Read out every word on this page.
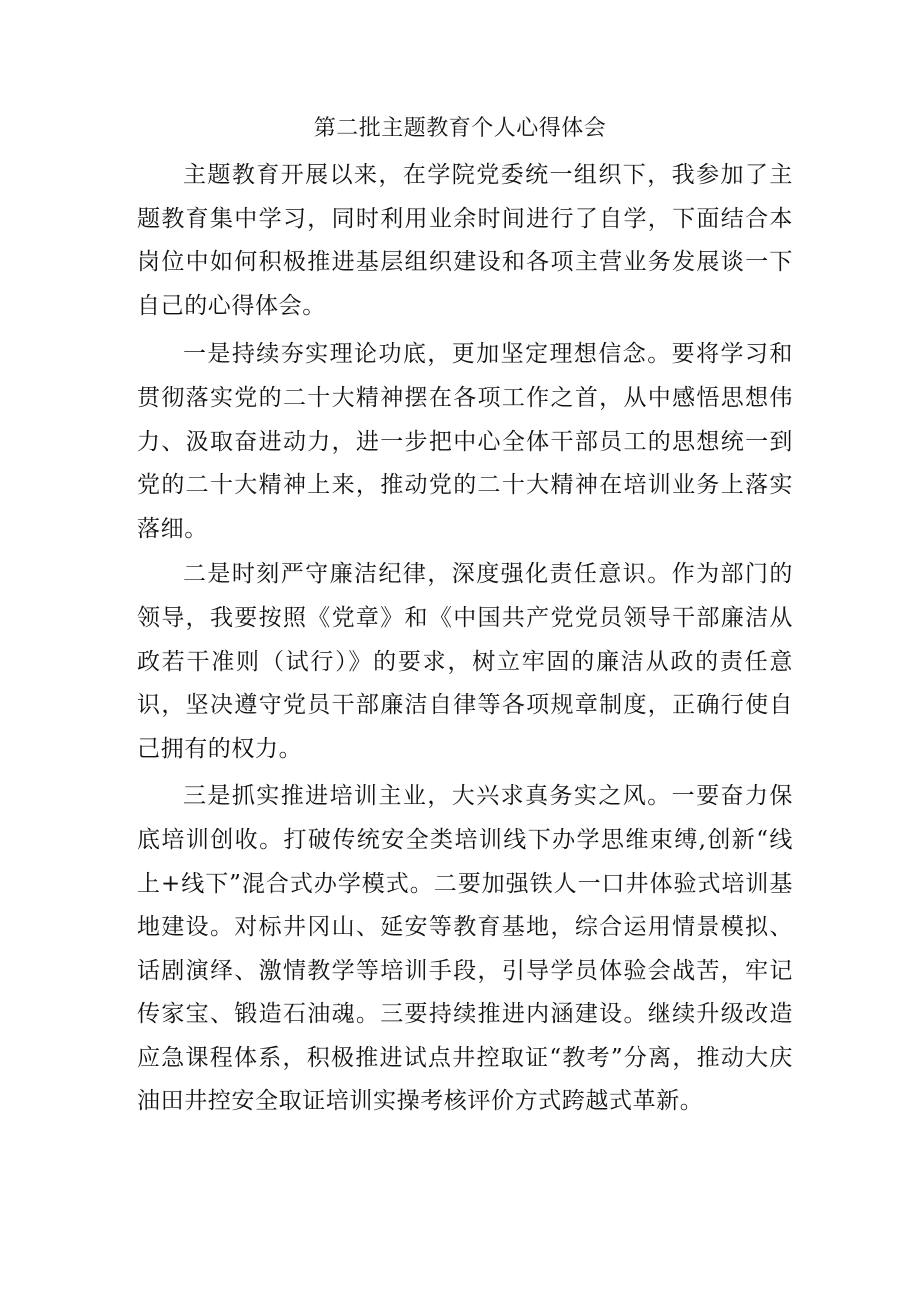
第二批主题教育个人心得体会

主题教育开展以来，在学院党委统一组织下，我参加了主题教育集中学习，同时利用业余时间进行了自学，下面结合本岗位中如何积极推进基层组织建设和各项主营业务发展谈一下自己的心得体会。

一是持续夯实理论功底，更加坚定理想信念。要将学习和贯彻落实党的二十大精神摆在各项工作之首，从中感悟思想伟力、汲取奋进动力，进一步把中心全体干部员工的思想统一到党的二十大精神上来，推动党的二十大精神在培训业务上落实落细。

二是时刻严守廉洁纪律，深度强化责任意识。作为部门的领导，我要按照《党章》和《中国共产党党员领导干部廉洁从政若干准则（试行）》的要求，树立牢固的廉洁从政的责任意识，坚决遵守党员干部廉洁自律等各项规章制度，正确行使自己拥有的权力。

三是抓实推进培训主业，大兴求真务实之风。一要奋力保底培训创收。打破传统安全类培训线下办学思维束缚,创新“线上+线下”混合式办学模式。二要加强铁人一口井体验式培训基地建设。对标井冈山、延安等教育基地，综合运用情景模拟、话剧演绎、激情教学等培训手段，引导学员体验会战苦，牢记传家宝、锻造石油魂。三要持续推进内涵建设。继续升级改造应急课程体系，积极推进试点井控取证“教考”分离，推动大庆油田井控安全取证培训实操考核评价方式跨越式革新。
